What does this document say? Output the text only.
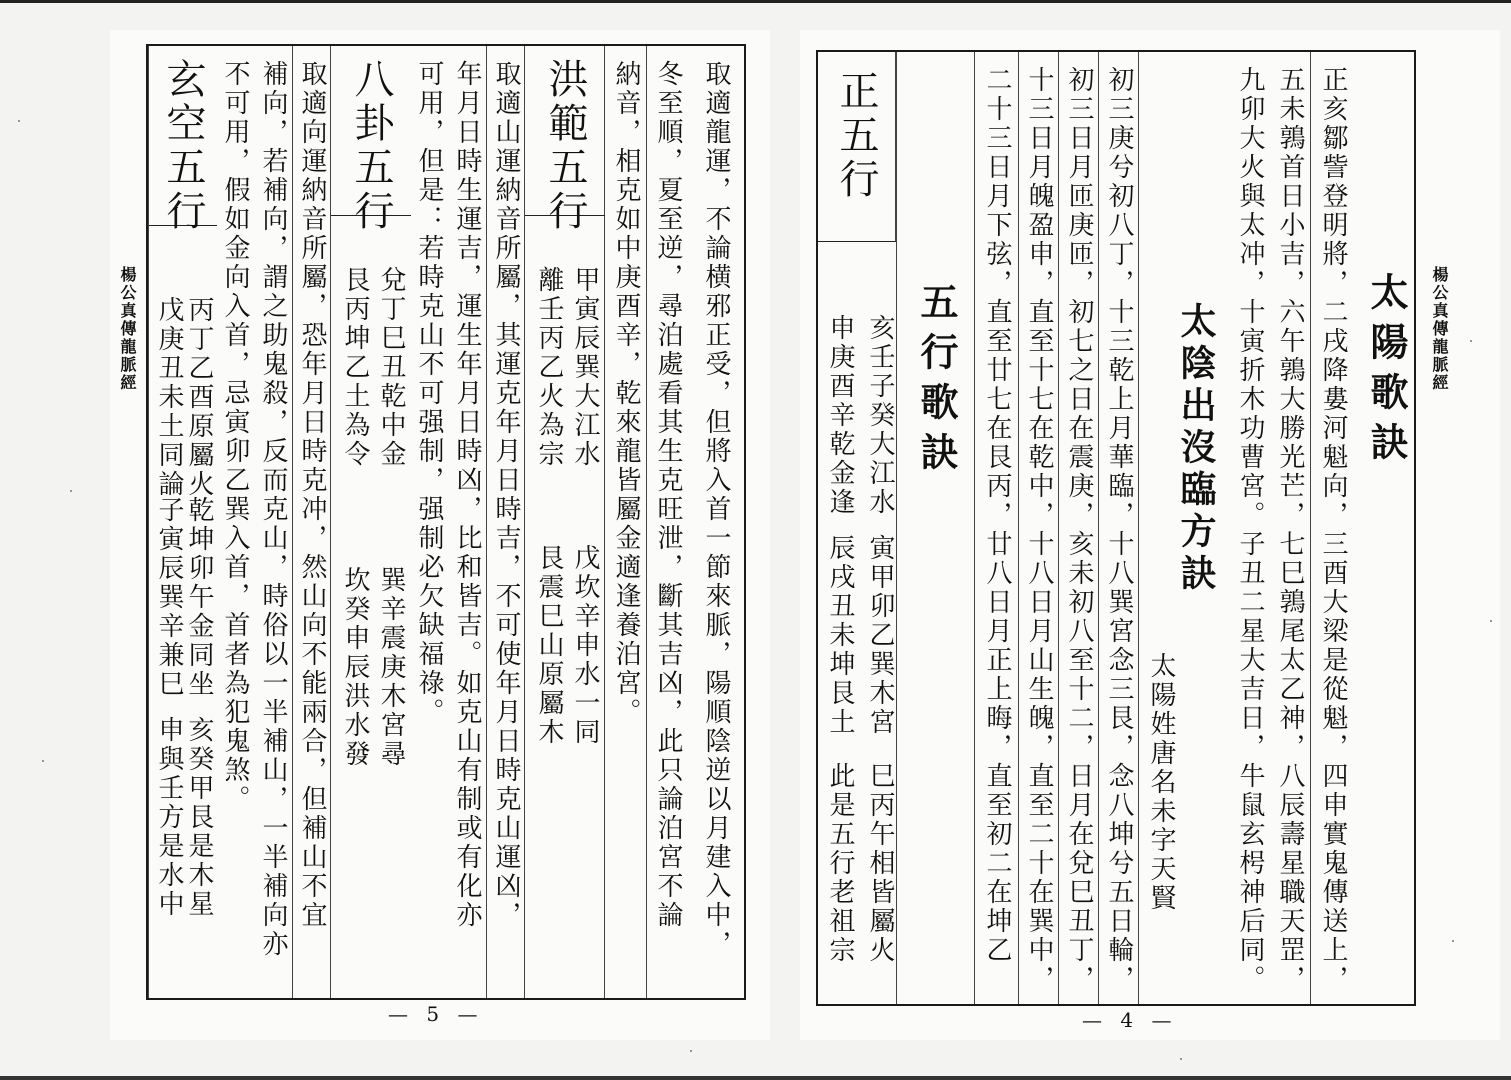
取適龍運，不論横邪正受，但將入首一節來脈，陽順陰逆以月建入中，
冬至順，夏至逆，尋泊處看其生克旺泄，斷其吉凶，此只論泊宮不論
納音，相克如中庚酉辛，乾來龍皆屬金適逢養泊宮。
洪範五行
甲寅辰巽大江水
戊坎辛申水一同
離壬丙乙火為宗
艮震巳山原屬木
取適山運納音所屬，其運克年月日時吉，不可使年月日時克山運凶，
年月日時生運吉，運生年月日時凶，比和皆吉。如克山有制或有化亦
可用，但是：若時克山不可强制，强制必欠缺福祿。
八卦五行
兌丁巳丑乾中金
巽辛震庚木宮尋
艮丙坤乙土為令
坎癸申辰洪水發
取適向運納音所屬，恐年月日時克冲，然山向不能兩合，但補山不宜
補向，若補向，謂之助鬼殺，反而克山，時俗以一半補山，一半補向亦
不可用，假如金向入首，忌寅卯乙巽入首，首者為犯鬼煞。
玄空五行
丙丁乙酉原屬火
乾坤卯午金同坐
亥癸甲艮是木星
戊庚丑未土同論
子寅辰巽辛兼巳
申與壬方是水中
楊公真傳龍脈經
— 5 —
太陽歌訣
正亥鄒訾登明將，二戌降婁河魁向，三酉大梁是從魁，四申實鬼傳送上，
五未鶉首日小吉，六午鶉大勝光芒，七巳鶉尾太乙神，八辰壽星職天罡，
九卯大火與太冲，十寅折木功曹宮。子丑二星大吉日，牛鼠玄枵神后同。
太陰出沒臨方訣
太陽姓唐名未字天賢
初三庚兮初八丁，十三乾上月華臨，十八巽宮念三艮，念八坤兮五日輪，
初三日月匝庚匝，初七之日在震庚，亥未初八至十二，日月在兌巳丑丁，
十三日月魄盈申，直至十七在乾中，十八日月山生魄，直至二十在巽中，
二十三日月下弦，直至廿七在艮丙，廿八日月正上晦，直至初二在坤乙
五行歌訣
亥壬子癸大江水
寅甲卯乙巽木宮
巳丙午相皆屬火
申庚酉辛乾金逢
辰戌丑未坤艮土
此是五行老祖宗
正五行
楊公真傳龍脈經
— 4 —
